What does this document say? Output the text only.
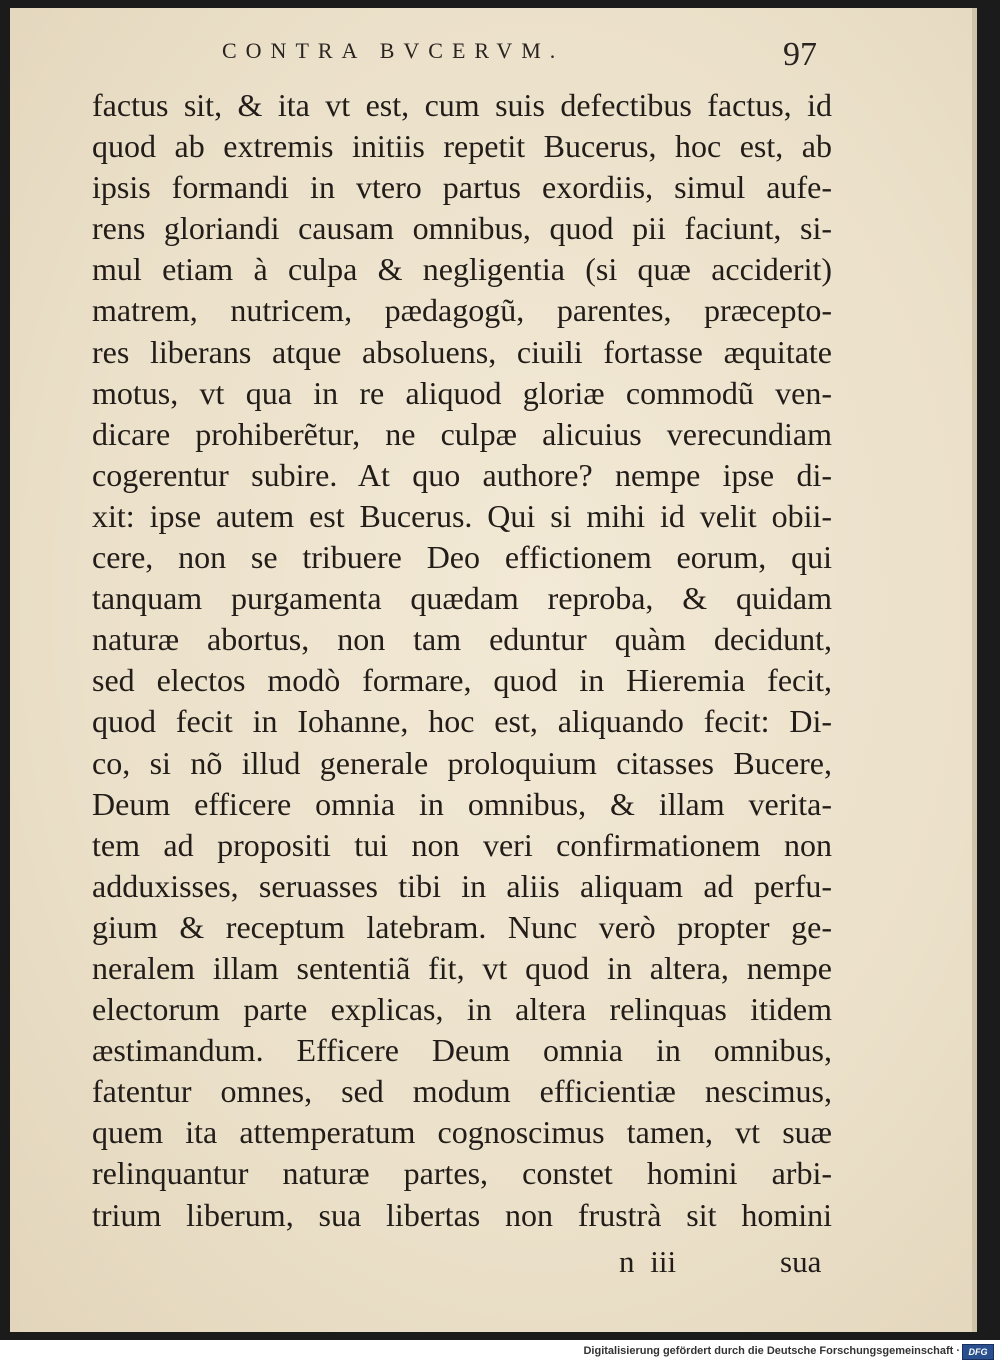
CONTRA BVCERVM.	97
factus sit, & ita vt est, cum suis defectibus factus, id
quod ab extremis initiis repetit Bucerus, hoc est, ab
ipsis formandi in vtero partus exordiis, simul aufe-
rens gloriandi causam omnibus, quod pii faciunt, si-
mul etiam à culpa & negligentia (si quæ acciderit)
matrem, nutricem, pædagogũ, parentes, præcepto-
res liberans atque absoluens, ciuili fortasse æquitate
motus, vt qua in re aliquod gloriæ commodũ ven-
dicare prohiberẽtur, ne culpæ alicuius verecundiam
cogerentur subire. At quo authore? nempe ipse di-
xit: ipse autem est Bucerus. Qui si mihi id velit obii-
cere, non se tribuere Deo effictionem eorum, qui
tanquam purgamenta quædam reproba, & quidam
naturæ abortus, non tam eduntur quàm decidunt,
sed electos modò formare, quod in Hieremia fecit,
quod fecit in Iohanne, hoc est, aliquando fecit: Di-
co, si nõ illud generale proloquium citasses Bucere,
Deum efficere omnia in omnibus, & illam verita-
tem ad propositi tui non veri confirmationem non
adduxisses, seruasses tibi in aliis aliquam ad perfu-
gium & receptum latebram. Nunc verò propter ge-
neralem illam sententiã fit, vt quod in altera, nempe
electorum parte explicas, in altera relinquas itidem
æstimandum. Efficere Deum omnia in omnibus,
fatentur omnes, sed modum efficientiæ nescimus,
quem ita attemperatum cognoscimus tamen, vt suæ
relinquantur naturæ partes, constet homini arbi-
trium liberum, sua libertas non frustrà sit homini
n iii	sua
Digitalisierung gefördert durch die Deutsche Forschungsgemeinschaft · DFG
